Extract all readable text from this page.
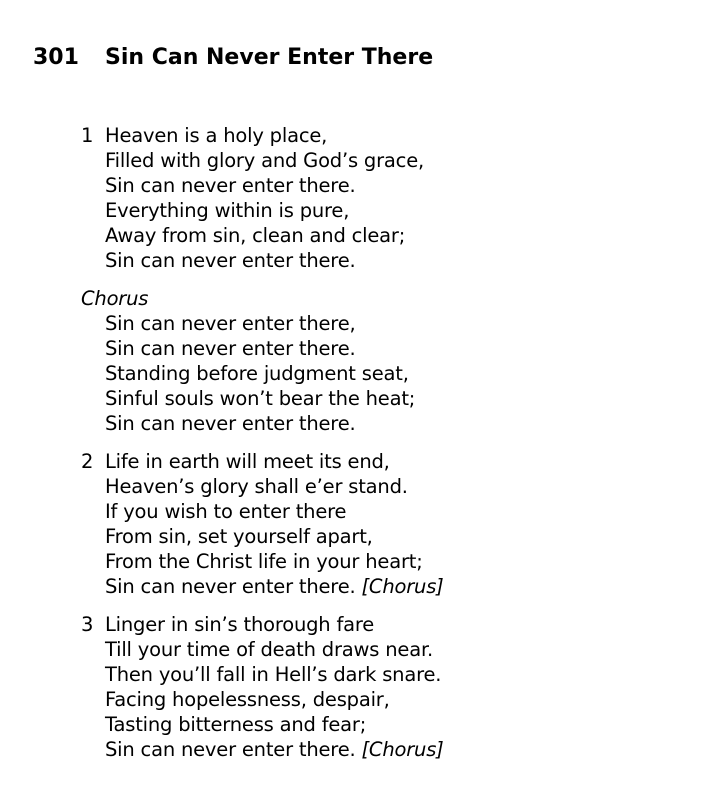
301 Sin Can Never Enter There
1 Heaven is a holy place,
Filled with glory and God’s grace,
Sin can never enter there.
Everything within is pure,
Away from sin, clean and clear;
Sin can never enter there.
Chorus
Sin can never enter there,
Sin can never enter there.
Standing before judgment seat,
Sinful souls won’t bear the heat;
Sin can never enter there.
2 Life in earth will meet its end,
Heaven’s glory shall e’er stand.
If you wish to enter there
From sin, set yourself apart,
From the Christ life in your heart;
Sin can never enter there. [Chorus]
3 Linger in sin’s thorough fare
Till your time of death draws near.
Then you’ll fall in Hell’s dark snare.
Facing hopelessness, despair,
Tasting bitterness and fear;
Sin can never enter there. [Chorus]
